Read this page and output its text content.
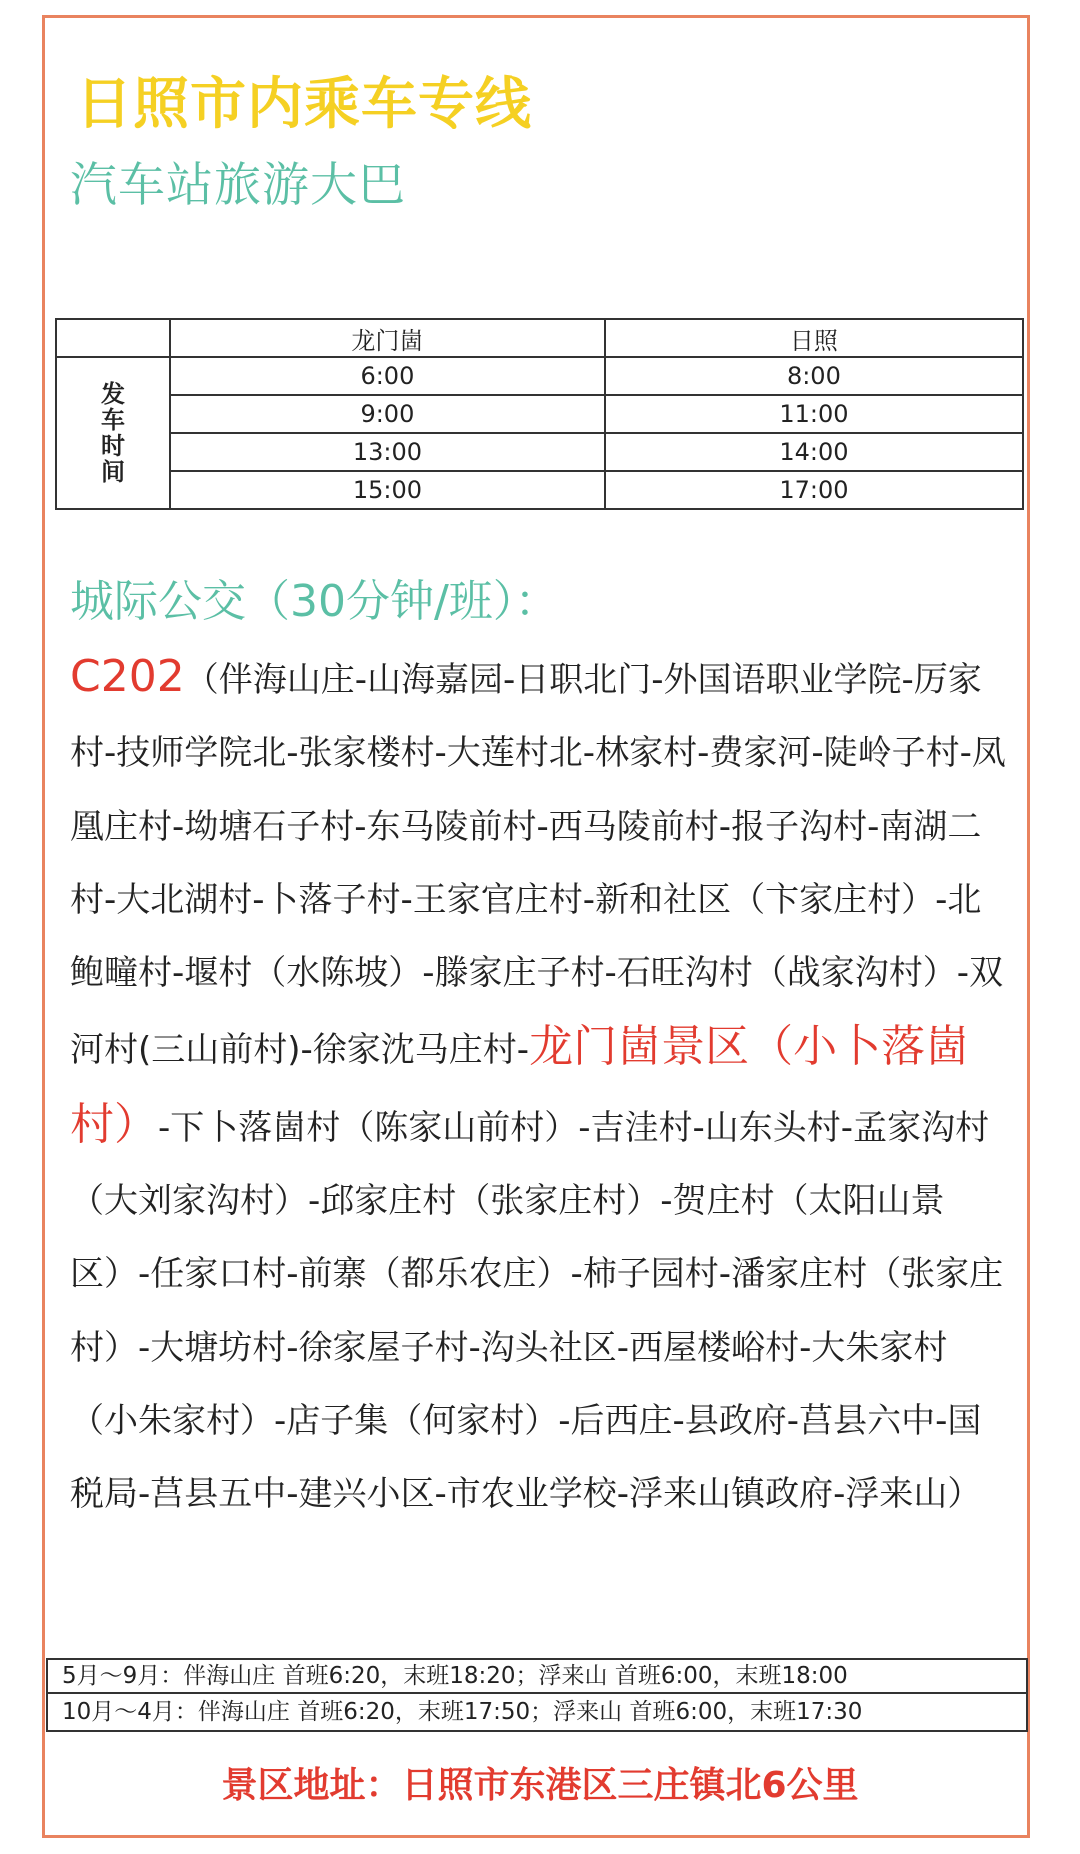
日照市内乘车专线
汽车站旅游大巴
	龙门崮	日照

发
车
时
间	6:00	8:00
	9:00	11:00
	13:00	14:00
	15:00	17:00
城际公交（30分钟/班）：
C202（伴海山庄-山海嘉园-日职北门-外国语职业学院-厉家村-技师学院北-张家楼村-大莲村北-林家村-费家河-陡岭子村-凤凰庄村-坳塘石子村-东马陵前村-西马陵前村-报子沟村-南湖二村-大北湖村-卜落子村-王家官庄村-新和社区（卞家庄村）-北鲍疃村-堰村（水陈坡）-滕家庄子村-石旺沟村（战家沟村）-双河村(三山前村)-徐家沈马庄村-龙门崮景区（小卜落崮村）-下卜落崮村（陈家山前村）-吉洼村-山东头村-孟家沟村（大刘家沟村）-邱家庄村（张家庄村）-贺庄村（太阳山景区）-任家口村-前寨（都乐农庄）-柿子园村-潘家庄村（张家庄村）-大塘坊村-徐家屋子村-沟头社区-西屋楼峪村-大朱家村（小朱家村）-店子集（何家村）-后西庄-县政府-莒县六中-国税局-莒县五中-建兴小区-市农业学校-浮来山镇政府-浮来山）
5月～9月：伴海山庄 首班6:20，末班18:20；浮来山 首班6:00，末班18:00
10月～4月：伴海山庄 首班6:20，末班17:50；浮来山 首班6:00，末班17:30
景区地址：日照市东港区三庄镇北6公里
